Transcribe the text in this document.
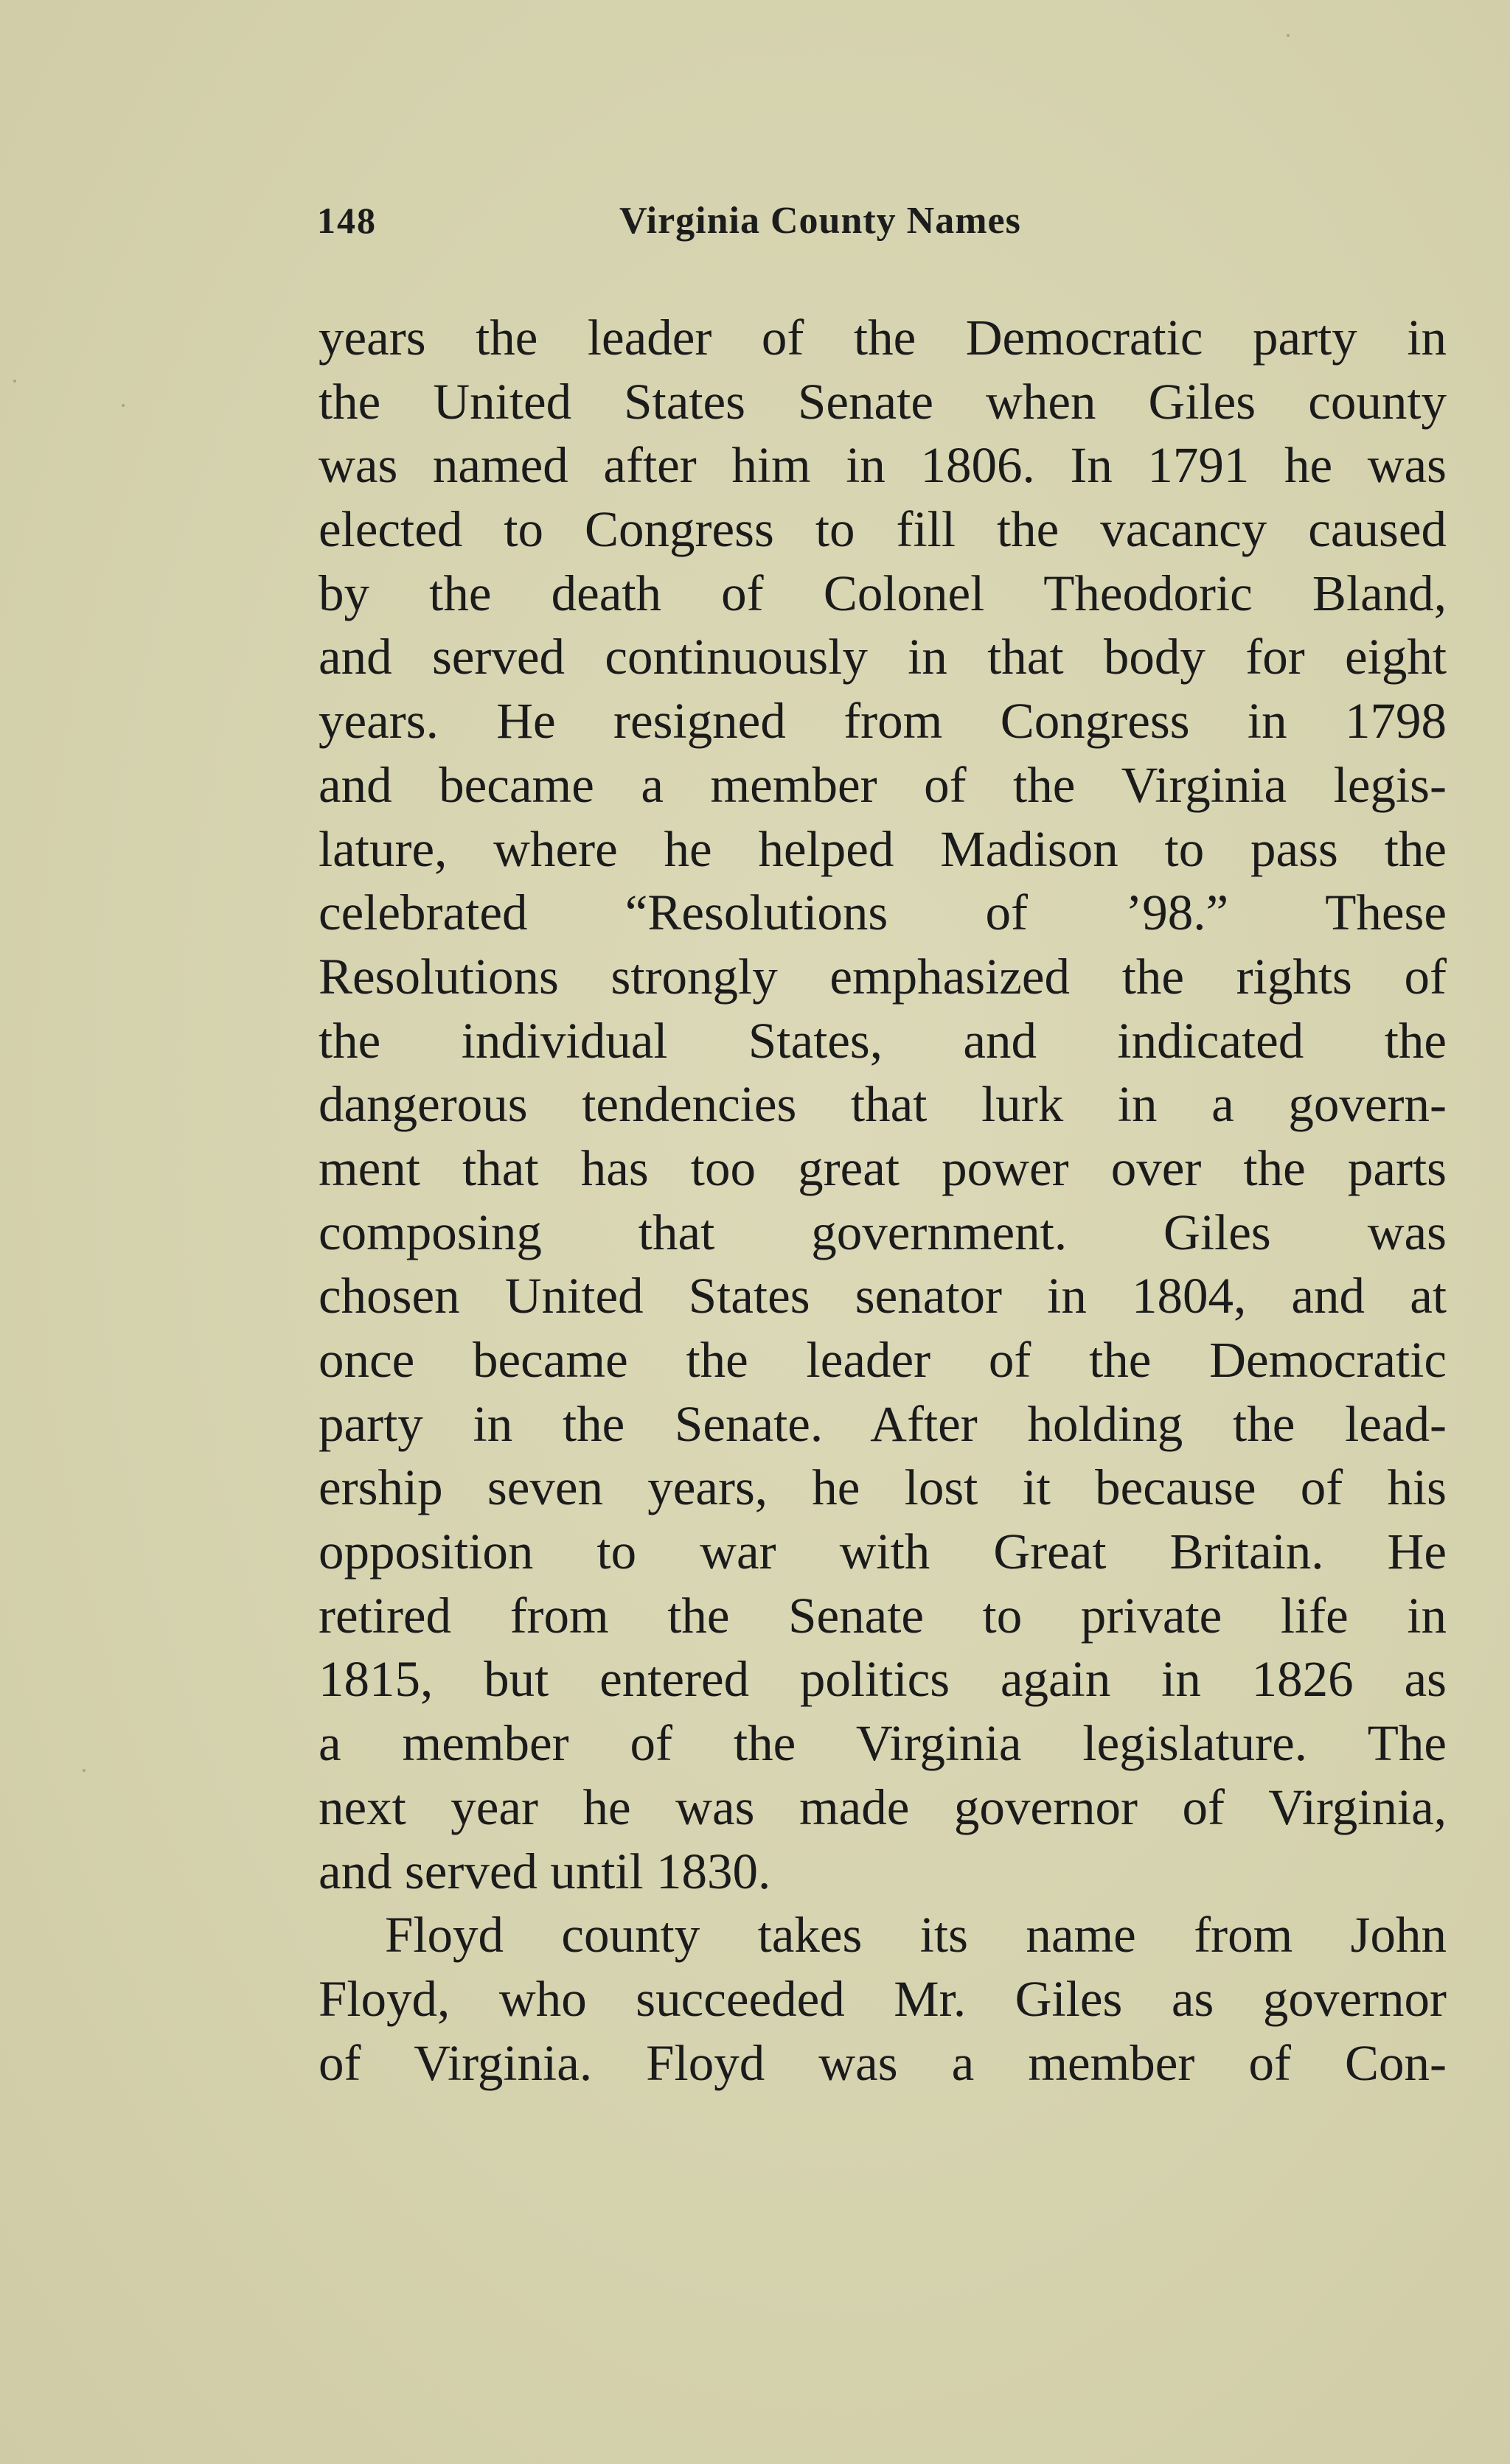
148	Virginia County Names
years the leader of the Democratic party in
the United States Senate when Giles county
was named after him in 1806. In 1791 he was
elected to Congress to fill the vacancy caused
by the death of Colonel Theodoric Bland,
and served continuously in that body for eight
years. He resigned from Congress in 1798
and became a member of the Virginia legis-
lature, where he helped Madison to pass the
celebrated “Resolutions of ’98.” These
Resolutions strongly emphasized the rights of
the individual States, and indicated the
dangerous tendencies that lurk in a govern-
ment that has too great power over the parts
composing that government. Giles was
chosen United States senator in 1804, and at
once became the leader of the Democratic
party in the Senate. After holding the lead-
ership seven years, he lost it because of his
opposition to war with Great Britain. He
retired from the Senate to private life in
1815, but entered politics again in 1826 as
a member of the Virginia legislature. The
next year he was made governor of Virginia,
and served until 1830.
Floyd county takes its name from John
Floyd, who succeeded Mr. Giles as governor
of Virginia. Floyd was a member of Con-
